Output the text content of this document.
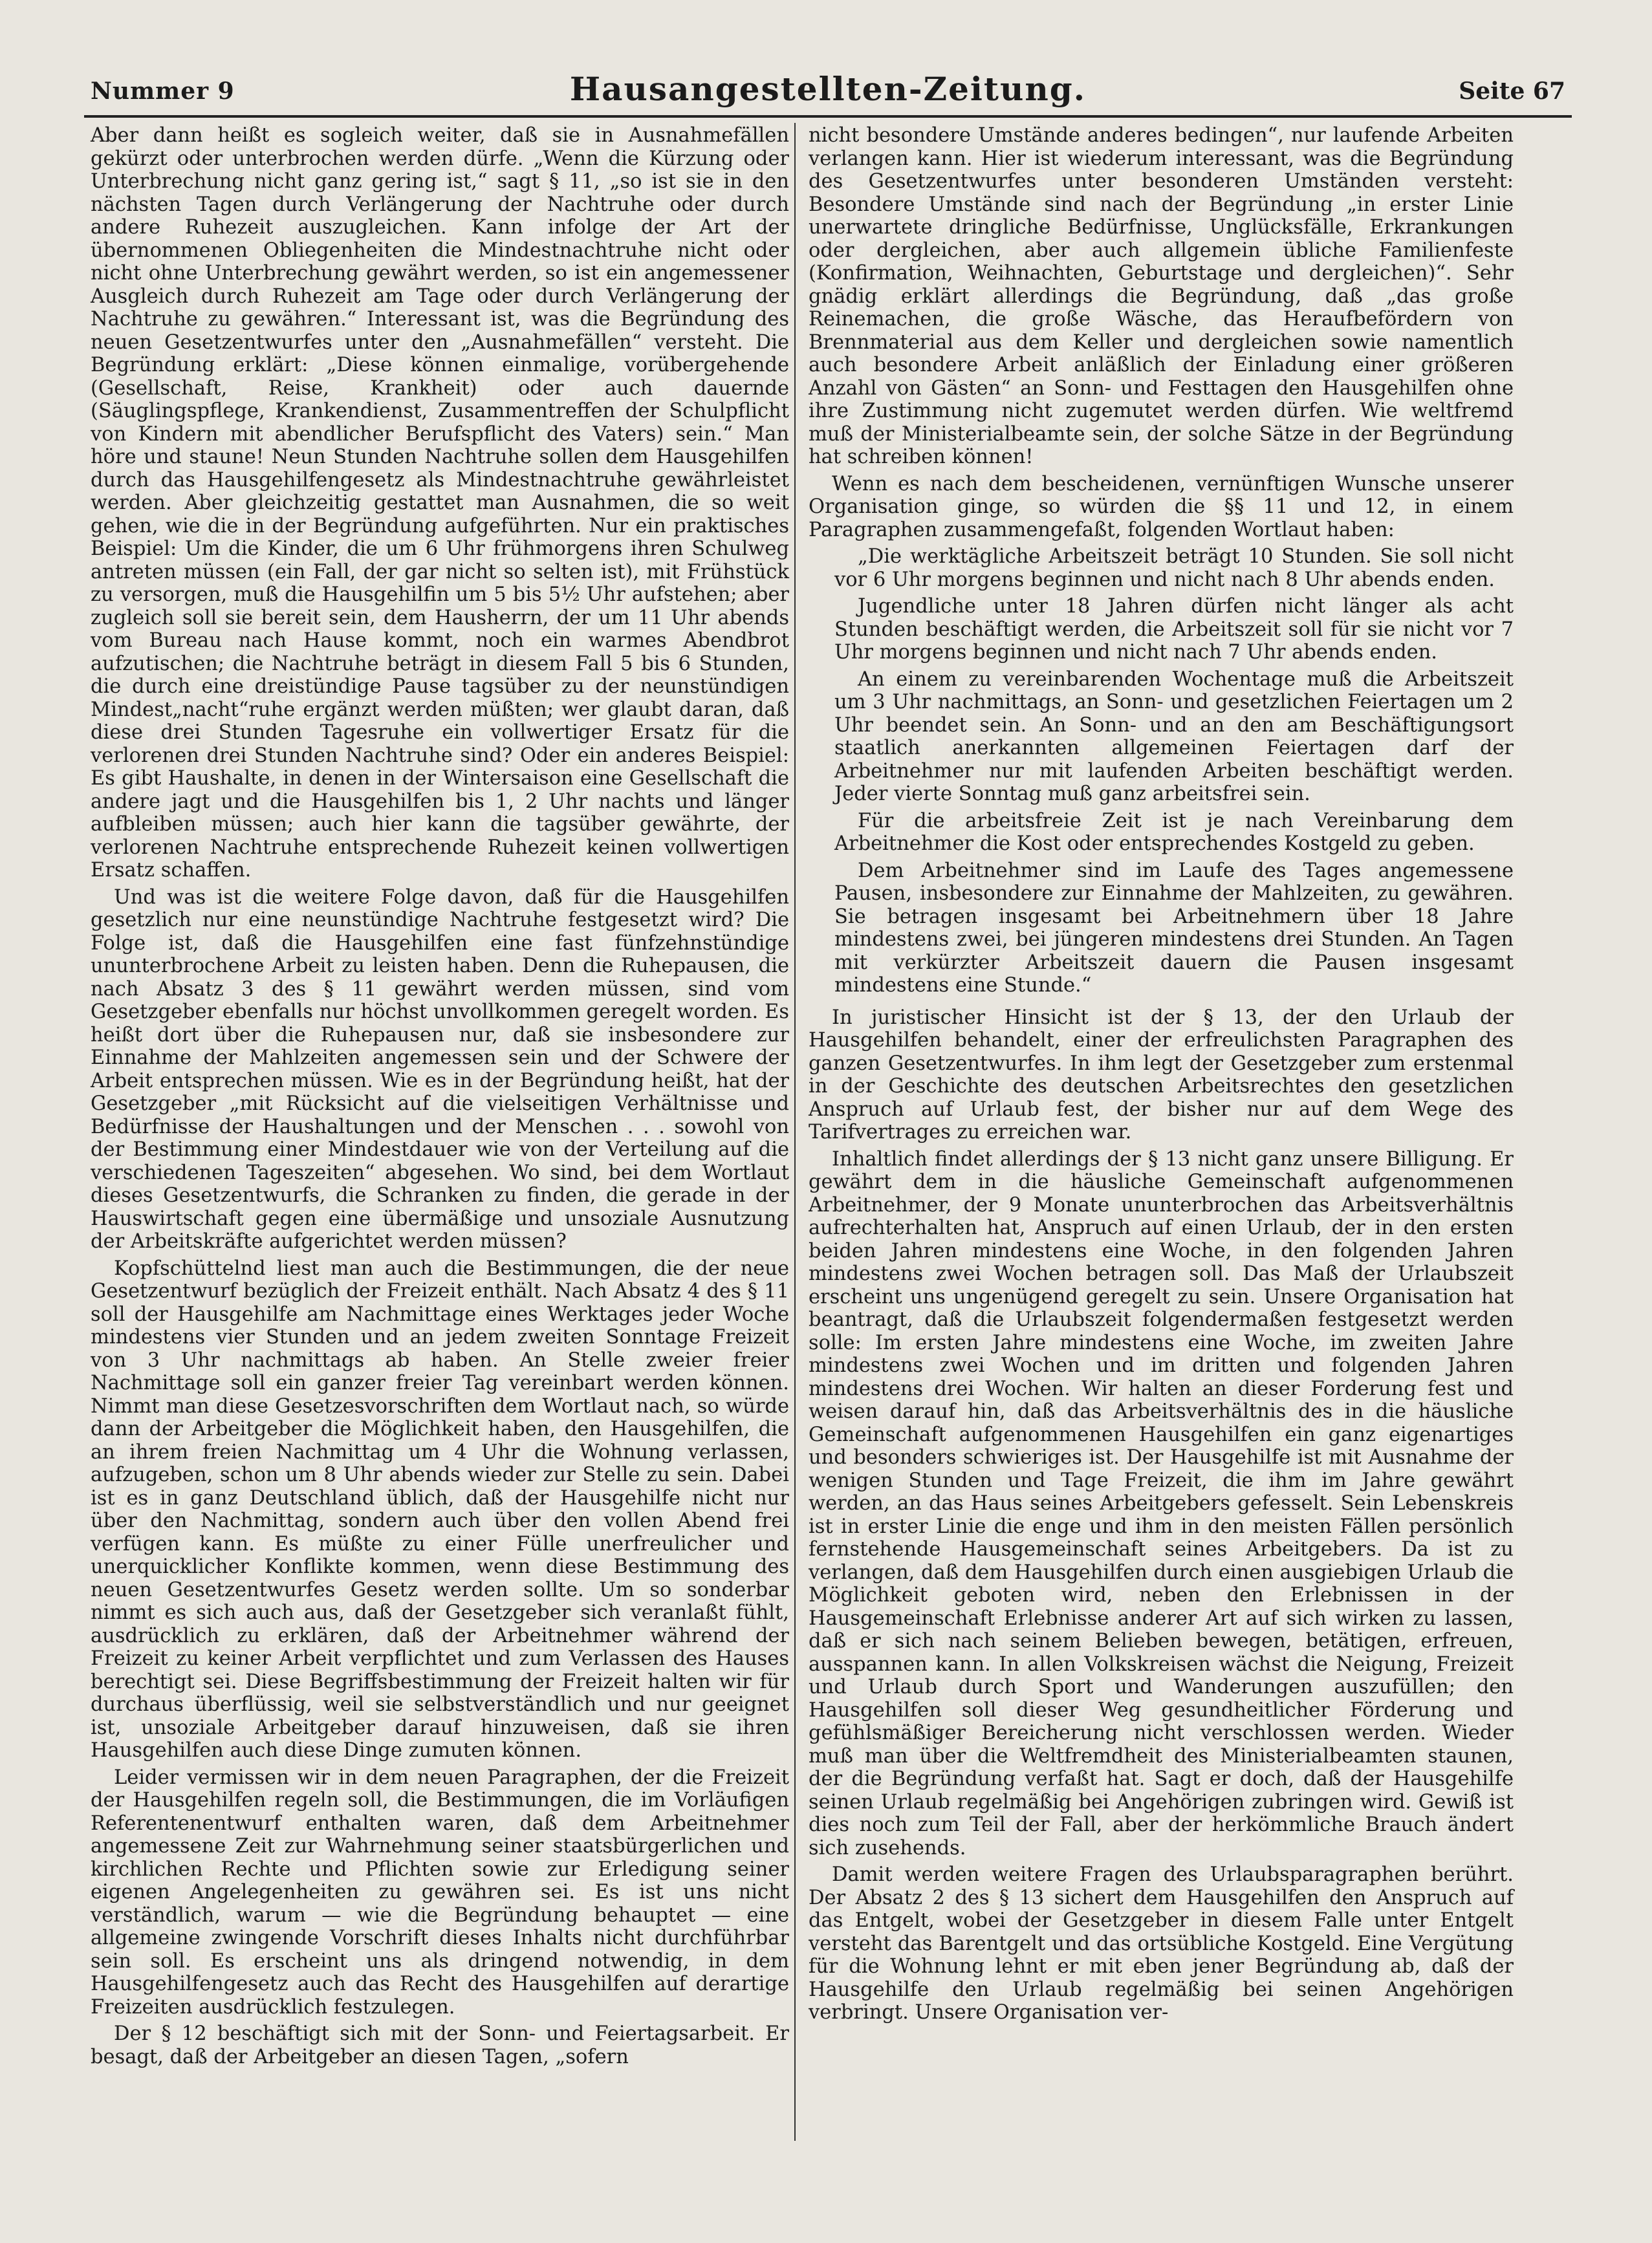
Nummer 9	Hausangestellten-Zeitung.	Seite 67

Aber dann heißt es sogleich weiter, daß sie in Ausnahmefällen gekürzt oder unterbrochen werden dürfe. „Wenn die Kürzung oder Unterbrechung nicht ganz gering ist,“ sagt § 11, „so ist sie in den nächsten Tagen durch Verlängerung der Nachtruhe oder durch andere Ruhezeit auszugleichen. Kann infolge der Art der übernommenen Obliegenheiten die Mindestnachtruhe nicht oder nicht ohne Unterbrechung gewährt werden, so ist ein angemessener Ausgleich durch Ruhezeit am Tage oder durch Verlängerung der Nachtruhe zu gewähren.“ Interessant ist, was die Begründung des neuen Gesetzentwurfes unter den „Ausnahmefällen“ versteht. Die Begründung erklärt: „Diese können einmalige, vorübergehende (Gesellschaft, Reise, Krankheit) oder auch dauernde (Säuglingspflege, Krankendienst, Zusammentreffen der Schulpflicht von Kindern mit abendlicher Berufspflicht des Vaters) sein.“ Man höre und staune! Neun Stunden Nachtruhe sollen dem Hausgehilfen durch das Hausgehilfengesetz als Mindestnachtruhe gewährleistet werden. Aber gleichzeitig gestattet man Ausnahmen, die so weit gehen, wie die in der Begründung aufgeführten. Nur ein praktisches Beispiel: Um die Kinder, die um 6 Uhr frühmorgens ihren Schulweg antreten müssen (ein Fall, der gar nicht so selten ist), mit Frühstück zu versorgen, muß die Hausgehilfin um 5 bis 5½ Uhr aufstehen; aber zugleich soll sie bereit sein, dem Hausherrn, der um 11 Uhr abends vom Bureau nach Hause kommt, noch ein warmes Abendbrot aufzutischen; die Nachtruhe beträgt in diesem Fall 5 bis 6 Stunden, die durch eine dreistündige Pause tagsüber zu der neunstündigen Mindest„nacht“ruhe ergänzt werden müßten; wer glaubt daran, daß diese drei Stunden Tagesruhe ein vollwertiger Ersatz für die verlorenen drei Stunden Nachtruhe sind? Oder ein anderes Beispiel: Es gibt Haushalte, in denen in der Wintersaison eine Gesellschaft die andere jagt und die Hausgehilfen bis 1, 2 Uhr nachts und länger aufbleiben müssen; auch hier kann die tagsüber gewährte, der verlorenen Nachtruhe entsprechende Ruhezeit keinen vollwertigen Ersatz schaffen.

Und was ist die weitere Folge davon, daß für die Hausgehilfen gesetzlich nur eine neunstündige Nachtruhe festgesetzt wird? Die Folge ist, daß die Hausgehilfen eine fast fünfzehnstündige ununterbrochene Arbeit zu leisten haben. Denn die Ruhepausen, die nach Absatz 3 des § 11 gewährt werden müssen, sind vom Gesetzgeber ebenfalls nur höchst unvollkommen geregelt worden. Es heißt dort über die Ruhepausen nur, daß sie insbesondere zur Einnahme der Mahlzeiten angemessen sein und der Schwere der Arbeit entsprechen müssen. Wie es in der Begründung heißt, hat der Gesetzgeber „mit Rücksicht auf die vielseitigen Verhältnisse und Bedürfnisse der Haushaltungen und der Menschen . . . sowohl von der Bestimmung einer Mindestdauer wie von der Verteilung auf die verschiedenen Tageszeiten“ abgesehen. Wo sind, bei dem Wortlaut dieses Gesetzentwurfs, die Schranken zu finden, die gerade in der Hauswirtschaft gegen eine übermäßige und unsoziale Ausnutzung der Arbeitskräfte aufgerichtet werden müssen?

Kopfschüttelnd liest man auch die Bestimmungen, die der neue Gesetzentwurf bezüglich der Freizeit enthält. Nach Absatz 4 des § 11 soll der Hausgehilfe am Nachmittage eines Werktages jeder Woche mindestens vier Stunden und an jedem zweiten Sonntage Freizeit von 3 Uhr nachmittags ab haben. An Stelle zweier freier Nachmittage soll ein ganzer freier Tag vereinbart werden können. Nimmt man diese Gesetzesvorschriften dem Wortlaut nach, so würde dann der Arbeitgeber die Möglichkeit haben, den Hausgehilfen, die an ihrem freien Nachmittag um 4 Uhr die Wohnung verlassen, aufzugeben, schon um 8 Uhr abends wieder zur Stelle zu sein. Dabei ist es in ganz Deutschland üblich, daß der Hausgehilfe nicht nur über den Nachmittag, sondern auch über den vollen Abend frei verfügen kann. Es müßte zu einer Fülle unerfreulicher und unerquicklicher Konflikte kommen, wenn diese Bestimmung des neuen Gesetzentwurfes Gesetz werden sollte. Um so sonderbar nimmt es sich auch aus, daß der Gesetzgeber sich veranlaßt fühlt, ausdrücklich zu erklären, daß der Arbeitnehmer während der Freizeit zu keiner Arbeit verpflichtet und zum Verlassen des Hauses berechtigt sei. Diese Begriffsbestimmung der Freizeit halten wir für durchaus überflüssig, weil sie selbstverständlich und nur geeignet ist, unsoziale Arbeitgeber darauf hinzuweisen, daß sie ihren Hausgehilfen auch diese Dinge zumuten können.

Leider vermissen wir in dem neuen Paragraphen, der die Freizeit der Hausgehilfen regeln soll, die Bestimmungen, die im Vorläufigen Referentenentwurf enthalten waren, daß dem Arbeitnehmer angemessene Zeit zur Wahrnehmung seiner staatsbürgerlichen und kirchlichen Rechte und Pflichten sowie zur Erledigung seiner eigenen Angelegenheiten zu gewähren sei. Es ist uns nicht verständlich, warum — wie die Begründung behauptet — eine allgemeine zwingende Vorschrift dieses Inhalts nicht durchführbar sein soll. Es erscheint uns als dringend notwendig, in dem Hausgehilfengesetz auch das Recht des Hausgehilfen auf derartige Freizeiten ausdrücklich festzulegen.

Der § 12 beschäftigt sich mit der Sonn- und Feiertagsarbeit. Er besagt, daß der Arbeitgeber an diesen Tagen, „sofern

nicht besondere Umstände anderes bedingen“, nur laufende Arbeiten verlangen kann. Hier ist wiederum interessant, was die Begründung des Gesetzentwurfes unter besonderen Umständen versteht: Besondere Umstände sind nach der Begründung „in erster Linie unerwartete dringliche Bedürfnisse, Unglücksfälle, Erkrankungen oder dergleichen, aber auch allgemein übliche Familienfeste (Konfirmation, Weihnachten, Geburtstage und dergleichen)“. Sehr gnädig erklärt allerdings die Begründung, daß „das große Reinemachen, die große Wäsche, das Heraufbefördern von Brennmaterial aus dem Keller und dergleichen sowie namentlich auch besondere Arbeit anläßlich der Einladung einer größeren Anzahl von Gästen“ an Sonn- und Festtagen den Hausgehilfen ohne ihre Zustimmung nicht zugemutet werden dürfen. Wie weltfremd muß der Ministerialbeamte sein, der solche Sätze in der Begründung hat schreiben können!

Wenn es nach dem bescheidenen, vernünftigen Wunsche unserer Organisation ginge, so würden die §§ 11 und 12, in einem Paragraphen zusammengefaßt, folgenden Wortlaut haben:

„Die werktägliche Arbeitszeit beträgt 10 Stunden. Sie soll nicht vor 6 Uhr morgens beginnen und nicht nach 8 Uhr abends enden.

Jugendliche unter 18 Jahren dürfen nicht länger als acht Stunden beschäftigt werden, die Arbeitszeit soll für sie nicht vor 7 Uhr morgens beginnen und nicht nach 7 Uhr abends enden.

An einem zu vereinbarenden Wochentage muß die Arbeitszeit um 3 Uhr nachmittags, an Sonn- und gesetzlichen Feiertagen um 2 Uhr beendet sein. An Sonn- und an den am Beschäftigungsort staatlich anerkannten allgemeinen Feiertagen darf der Arbeitnehmer nur mit laufenden Arbeiten beschäftigt werden. Jeder vierte Sonntag muß ganz arbeitsfrei sein.

Für die arbeitsfreie Zeit ist je nach Vereinbarung dem Arbeitnehmer die Kost oder entsprechendes Kostgeld zu geben.

Dem Arbeitnehmer sind im Laufe des Tages angemessene Pausen, insbesondere zur Einnahme der Mahlzeiten, zu gewähren. Sie betragen insgesamt bei Arbeitnehmern über 18 Jahre mindestens zwei, bei jüngeren mindestens drei Stunden. An Tagen mit verkürzter Arbeitszeit dauern die Pausen insgesamt mindestens eine Stunde.“

In juristischer Hinsicht ist der § 13, der den Urlaub der Hausgehilfen behandelt, einer der erfreulichsten Paragraphen des ganzen Gesetzentwurfes. In ihm legt der Gesetzgeber zum erstenmal in der Geschichte des deutschen Arbeitsrechtes den gesetzlichen Anspruch auf Urlaub fest, der bisher nur auf dem Wege des Tarifvertrages zu erreichen war.

Inhaltlich findet allerdings der § 13 nicht ganz unsere Billigung. Er gewährt dem in die häusliche Gemeinschaft aufgenommenen Arbeitnehmer, der 9 Monate ununterbrochen das Arbeitsverhältnis aufrechterhalten hat, Anspruch auf einen Urlaub, der in den ersten beiden Jahren mindestens eine Woche, in den folgenden Jahren mindestens zwei Wochen betragen soll. Das Maß der Urlaubszeit erscheint uns ungenügend geregelt zu sein. Unsere Organisation hat beantragt, daß die Urlaubszeit folgendermaßen festgesetzt werden solle: Im ersten Jahre mindestens eine Woche, im zweiten Jahre mindestens zwei Wochen und im dritten und folgenden Jahren mindestens drei Wochen. Wir halten an dieser Forderung fest und weisen darauf hin, daß das Arbeitsverhältnis des in die häusliche Gemeinschaft aufgenommenen Hausgehilfen ein ganz eigenartiges und besonders schwieriges ist. Der Hausgehilfe ist mit Ausnahme der wenigen Stunden und Tage Freizeit, die ihm im Jahre gewährt werden, an das Haus seines Arbeitgebers gefesselt. Sein Lebenskreis ist in erster Linie die enge und ihm in den meisten Fällen persönlich fernstehende Hausgemeinschaft seines Arbeitgebers. Da ist zu verlangen, daß dem Hausgehilfen durch einen ausgiebigen Urlaub die Möglichkeit geboten wird, neben den Erlebnissen in der Hausgemeinschaft Erlebnisse anderer Art auf sich wirken zu lassen, daß er sich nach seinem Belieben bewegen, betätigen, erfreuen, ausspannen kann. In allen Volkskreisen wächst die Neigung, Freizeit und Urlaub durch Sport und Wanderungen auszufüllen; den Hausgehilfen soll dieser Weg gesundheitlicher Förderung und gefühlsmäßiger Bereicherung nicht verschlossen werden. Wieder muß man über die Weltfremdheit des Ministerialbeamten staunen, der die Begründung verfaßt hat. Sagt er doch, daß der Hausgehilfe seinen Urlaub regelmäßig bei Angehörigen zubringen wird. Gewiß ist dies noch zum Teil der Fall, aber der herkömmliche Brauch ändert sich zusehends.

Damit werden weitere Fragen des Urlaubsparagraphen berührt. Der Absatz 2 des § 13 sichert dem Hausgehilfen den Anspruch auf das Entgelt, wobei der Gesetzgeber in diesem Falle unter Entgelt versteht das Barentgelt und das ortsübliche Kostgeld. Eine Vergütung für die Wohnung lehnt er mit eben jener Begründung ab, daß der Hausgehilfe den Urlaub regelmäßig bei seinen Angehörigen verbringt. Unsere Organisation ver-
